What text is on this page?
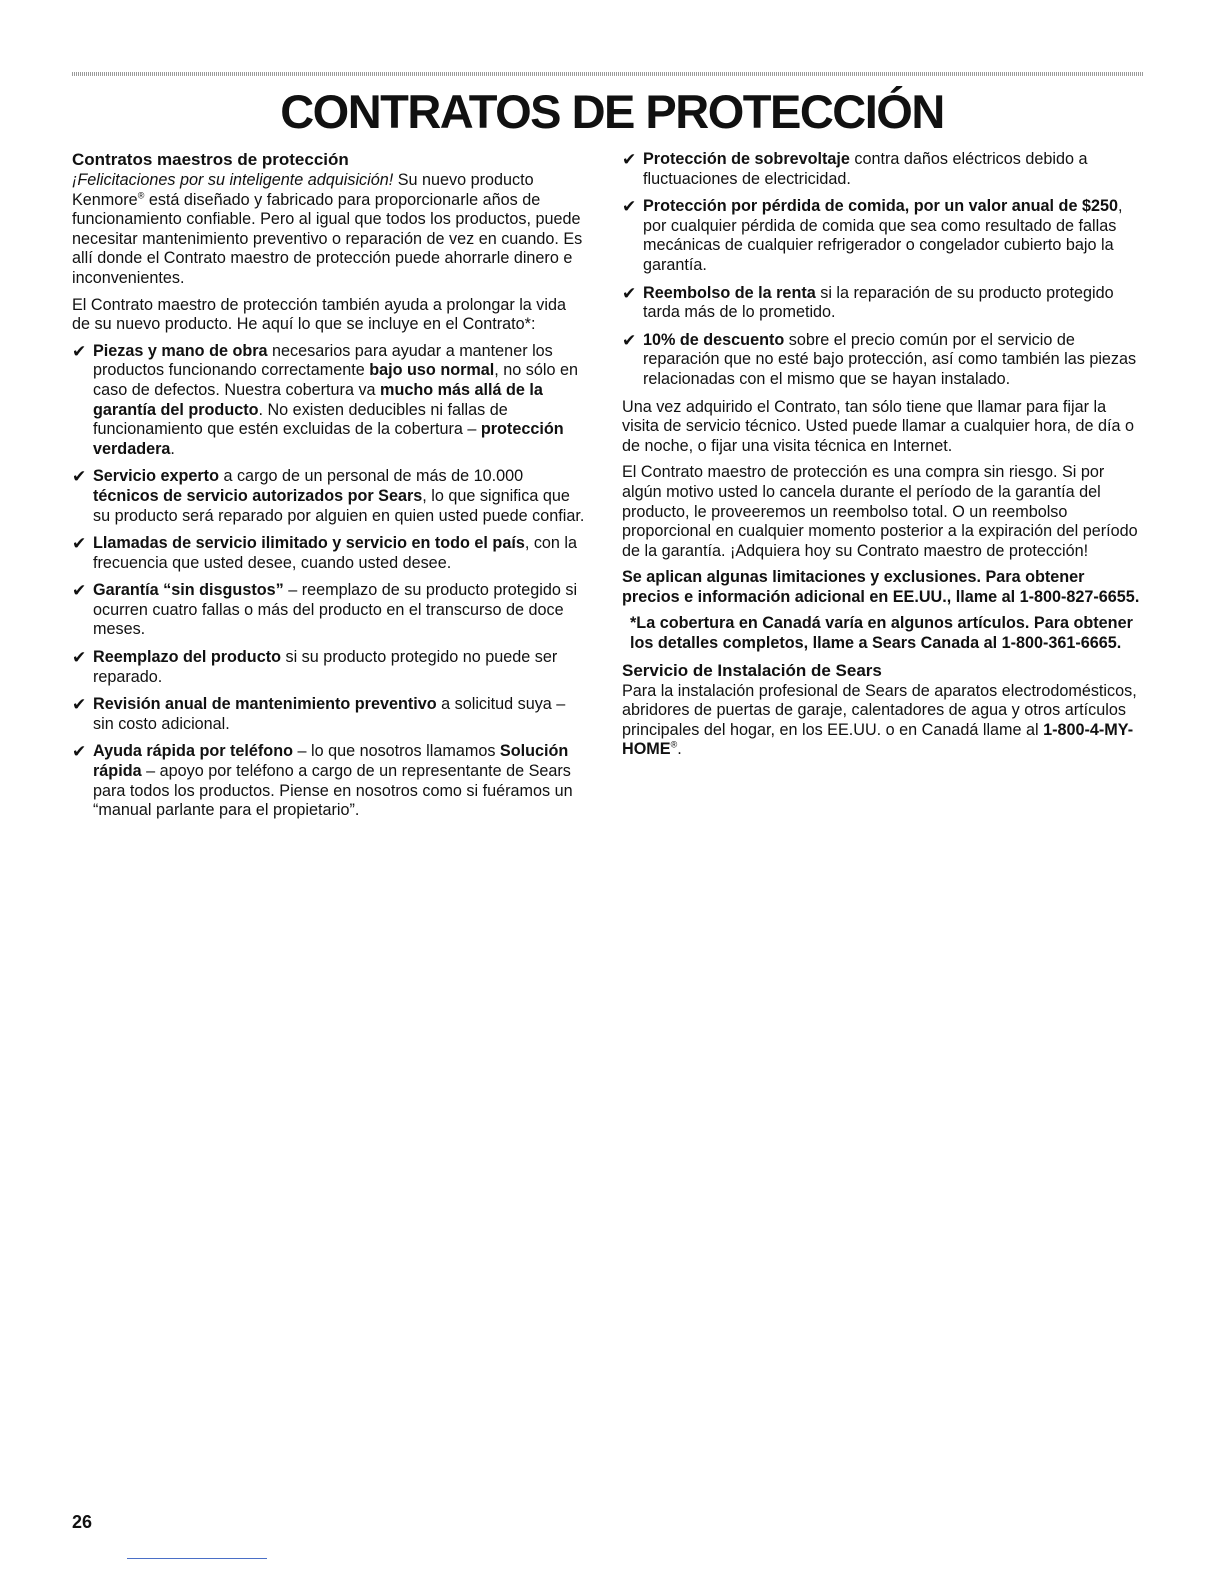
CONTRATOS DE PROTECCIÓN
Contratos maestros de protección

¡Felicitaciones por su inteligente adquisición! Su nuevo producto Kenmore® está diseñado y fabricado para proporcionarle años de funcionamiento confiable. Pero al igual que todos los productos, puede necesitar mantenimiento preventivo o reparación de vez en cuando. Es allí donde el Contrato maestro de protección puede ahorrarle dinero e inconvenientes.

El Contrato maestro de protección también ayuda a prolongar la vida de su nuevo producto. He aquí lo que se incluye en el Contrato*:

✔ Piezas y mano de obra necesarios para ayudar a mantener los productos funcionando correctamente bajo uso normal, no sólo en caso de defectos. Nuestra cobertura va mucho más allá de la garantía del producto. No existen deducibles ni fallas de funcionamiento que estén excluidas de la cobertura – protección verdadera.
✔ Servicio experto a cargo de un personal de más de 10.000 técnicos de servicio autorizados por Sears, lo que significa que su producto será reparado por alguien en quien usted puede confiar.
✔ Llamadas de servicio ilimitado y servicio en todo el país, con la frecuencia que usted desee, cuando usted desee.
✔ Garantía “sin disgustos” – reemplazo de su producto protegido si ocurren cuatro fallas o más del producto en el transcurso de doce meses.
✔ Reemplazo del producto si su producto protegido no puede ser reparado.
✔ Revisión anual de mantenimiento preventivo a solicitud suya – sin costo adicional.
✔ Ayuda rápida por teléfono – lo que nosotros llamamos Solución rápida – apoyo por teléfono a cargo de un representante de Sears para todos los productos. Piense en nosotros como si fuéramos un “manual parlante para el propietario”.
✔ Protección de sobrevoltaje contra daños eléctricos debido a fluctuaciones de electricidad.
✔ Protección por pérdida de comida, por un valor anual de $250, por cualquier pérdida de comida que sea como resultado de fallas mecánicas de cualquier refrigerador o congelador cubierto bajo la garantía.
✔ Reembolso de la renta si la reparación de su producto protegido tarda más de lo prometido.
✔ 10% de descuento sobre el precio común por el servicio de reparación que no esté bajo protección, así como también las piezas relacionadas con el mismo que se hayan instalado.

Una vez adquirido el Contrato, tan sólo tiene que llamar para fijar la visita de servicio técnico. Usted puede llamar a cualquier hora, de día o de noche, o fijar una visita técnica en Internet.

El Contrato maestro de protección es una compra sin riesgo. Si por algún motivo usted lo cancela durante el período de la garantía del producto, le proveeremos un reembolso total. O un reembolso proporcional en cualquier momento posterior a la expiración del período de la garantía. ¡Adquiera hoy su Contrato maestro de protección!

Se aplican algunas limitaciones y exclusiones. Para obtener precios e información adicional en EE.UU., llame al 1-800-827-6655.

*La cobertura en Canadá varía en algunos artículos. Para obtener los detalles completos, llame a Sears Canada al 1-800-361-6665.

Servicio de Instalación de Sears

Para la instalación profesional de Sears de aparatos electrodomésticos, abridores de puertas de garaje, calentadores de agua y otros artículos principales del hogar, en los EE.UU. o en Canadá llame al 1-800-4-MY-HOME®.

26
